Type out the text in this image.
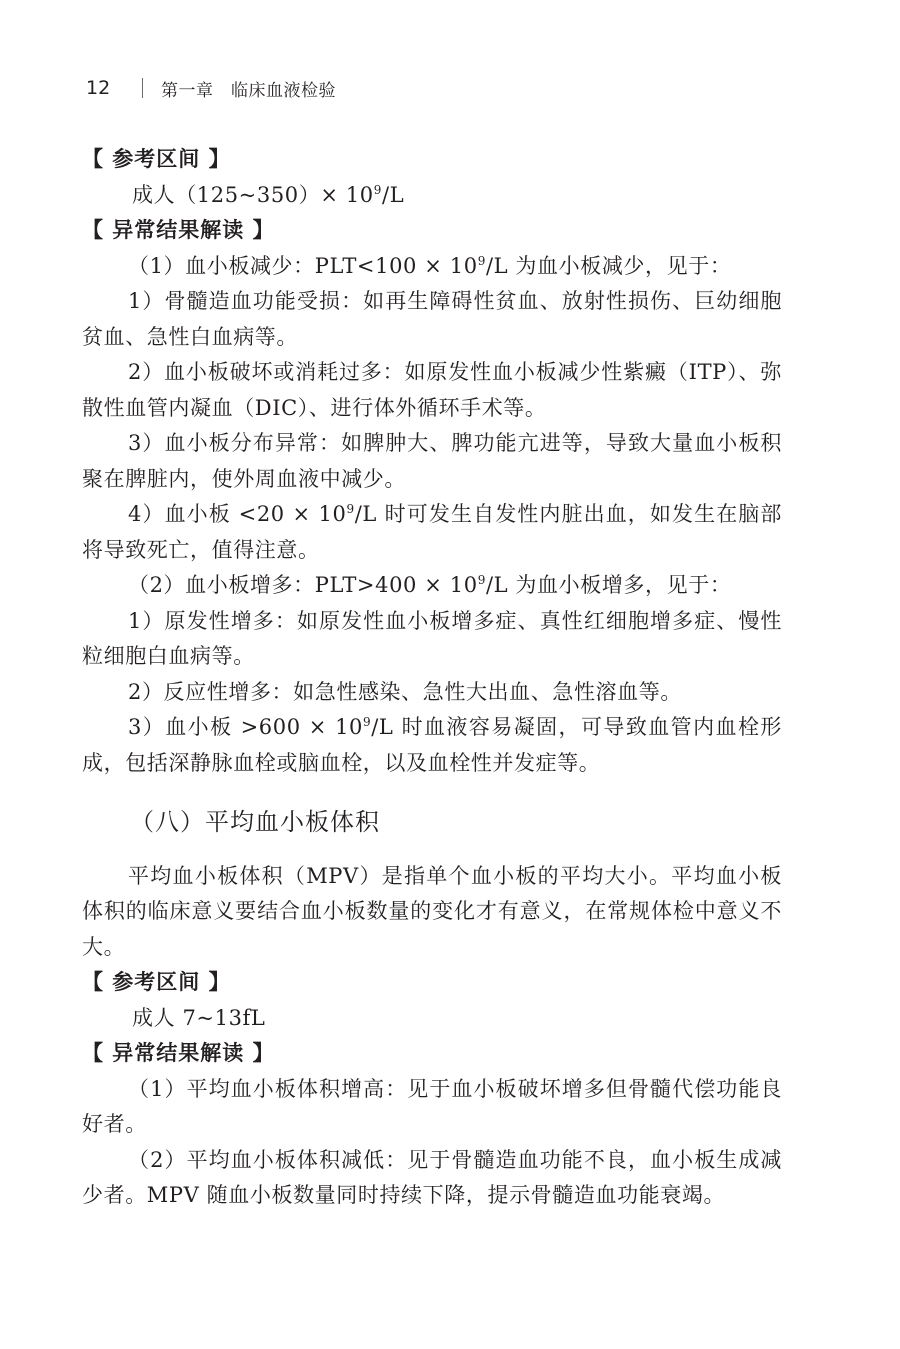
12	第一章　临床血液检验
【 参考区间 】
成人（125~350）× $10^9/L$
【 异常结果解读 】

（1）血小板减少：$PLT<100 \times 10^9/L$ 为血小板减少，见于：

1）骨髓造血功能受损：如再生障碍性贫血、放射性损伤、巨幼细胞贫血、急性白血病等。

2）血小板破坏或消耗过多：如原发性血小板减少性紫癜（ITP）、弥散性血管内凝血（DIC）、进行体外循环手术等。

3）血小板分布异常：如脾肿大、脾功能亢进等，导致大量血小板积聚在脾脏内，使外周血液中减少。

4）血小板 $<20 \times 10^9/L$ 时可发生自发性内脏出血，如发生在脑部将导致死亡，值得注意。

（2）血小板增多：$PLT>400 \times 10^9/L$ 为血小板增多，见于：

1）原发性增多：如原发性血小板增多症、真性红细胞增多症、慢性粒细胞白血病等。

2）反应性增多：如急性感染、急性大出血、急性溶血等。

3）血小板 $>600 \times 10^9/L$ 时血液容易凝固，可导致血管内血栓形成，包括深静脉血栓或脑血栓，以及血栓性并发症等。

（八）平均血小板体积

平均血小板体积（MPV）是指单个血小板的平均大小。平均血小板体积的临床意义要结合血小板数量的变化才有意义，在常规体检中意义不大。

【 参考区间 】
成人 7~13fL
【 异常结果解读 】

（1）平均血小板体积增高：见于血小板破坏增多但骨髓代偿功能良好者。

（2）平均血小板体积减低：见于骨髓造血功能不良，血小板生成减少者。MPV 随血小板数量同时持续下降，提示骨髓造血功能衰竭。
